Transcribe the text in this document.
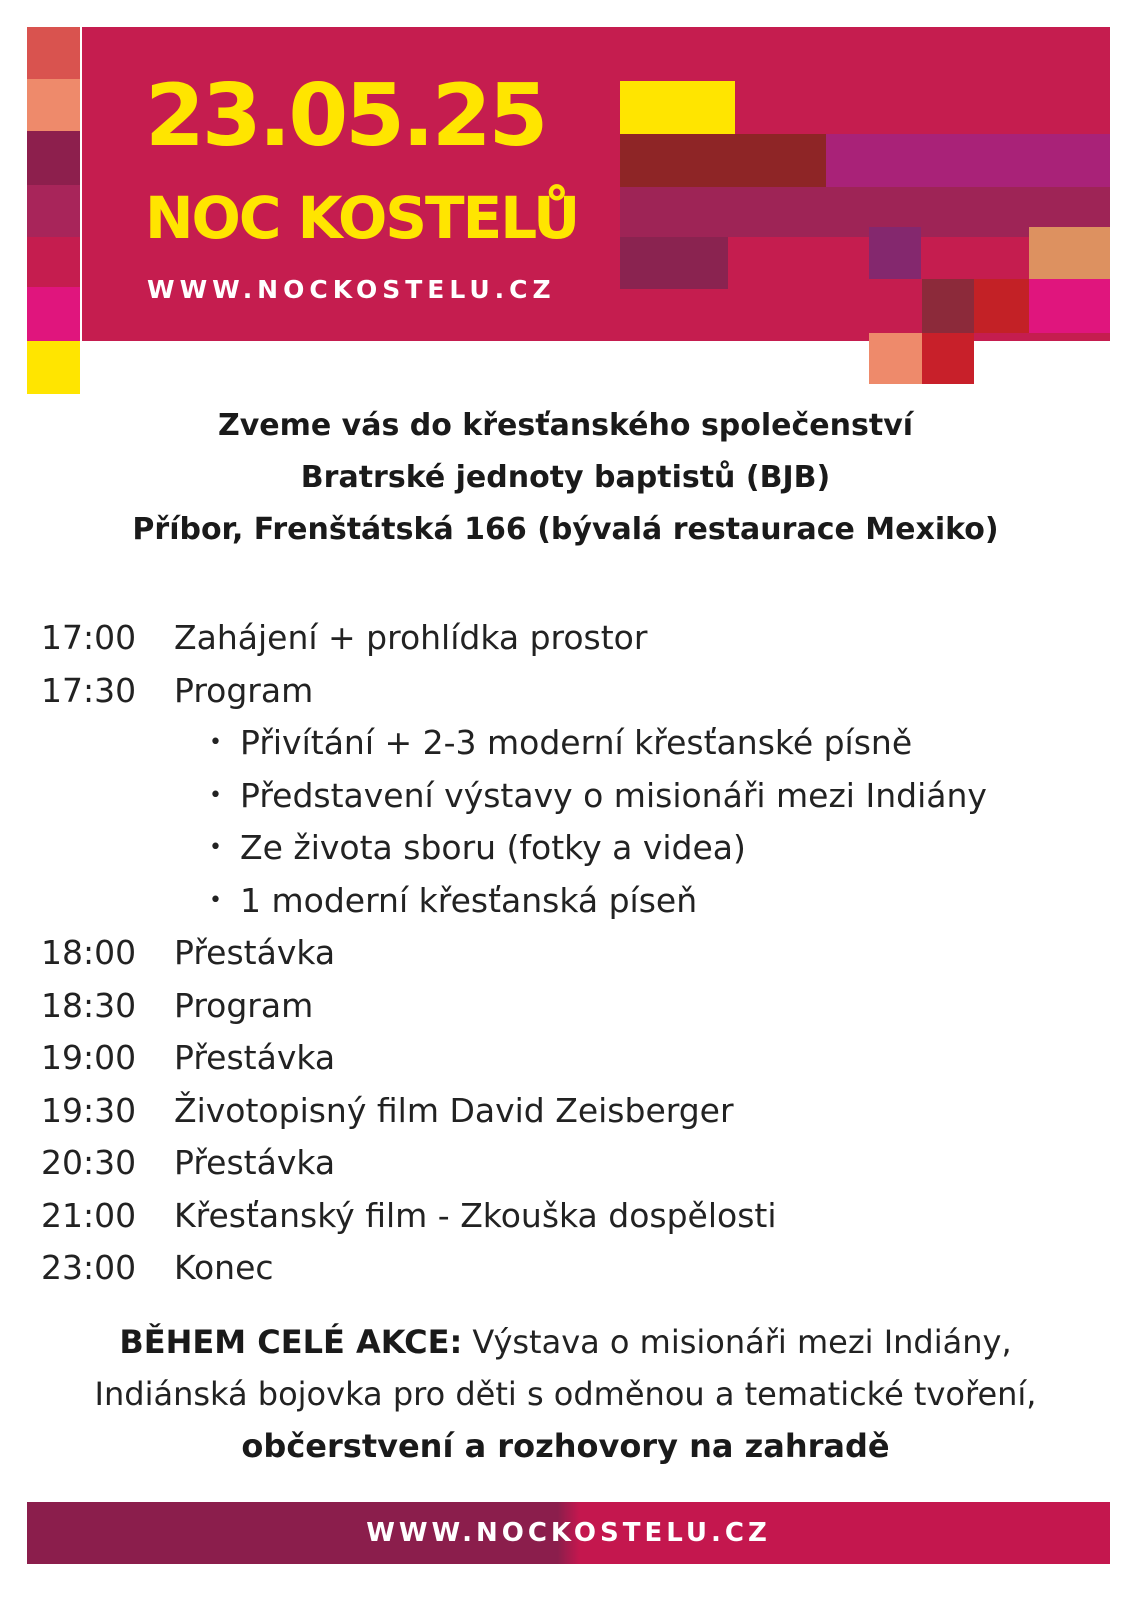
23.05.25
NOC KOSTELŮ
WWW.NOCKOSTELU.CZ
Zveme vás do křesťanského společenství
Bratrské jednoty baptistů (BJB)
Příbor, Frenštátská 166 (bývalá restaurace Mexiko)
17:00 Zahájení + prohlídka prostor
17:30 Program
• Přivítání + 2-3 moderní křesťanské písně
• Představení výstavy o misionáři mezi Indiány
• Ze života sboru (fotky a videa)
• 1 moderní křesťanská píseň
18:00 Přestávka
18:30 Program
19:00 Přestávka
19:30 Životopisný film David Zeisberger
20:30 Přestávka
21:00 Křesťanský film - Zkouška dospělosti
23:00 Konec
BĚHEM CELÉ AKCE: Výstava o misionáři mezi Indiány,
Indiánská bojovka pro děti s odměnou a tematické tvoření,
občerstvení a rozhovory na zahradě
WWW.NOCKOSTELU.CZ
